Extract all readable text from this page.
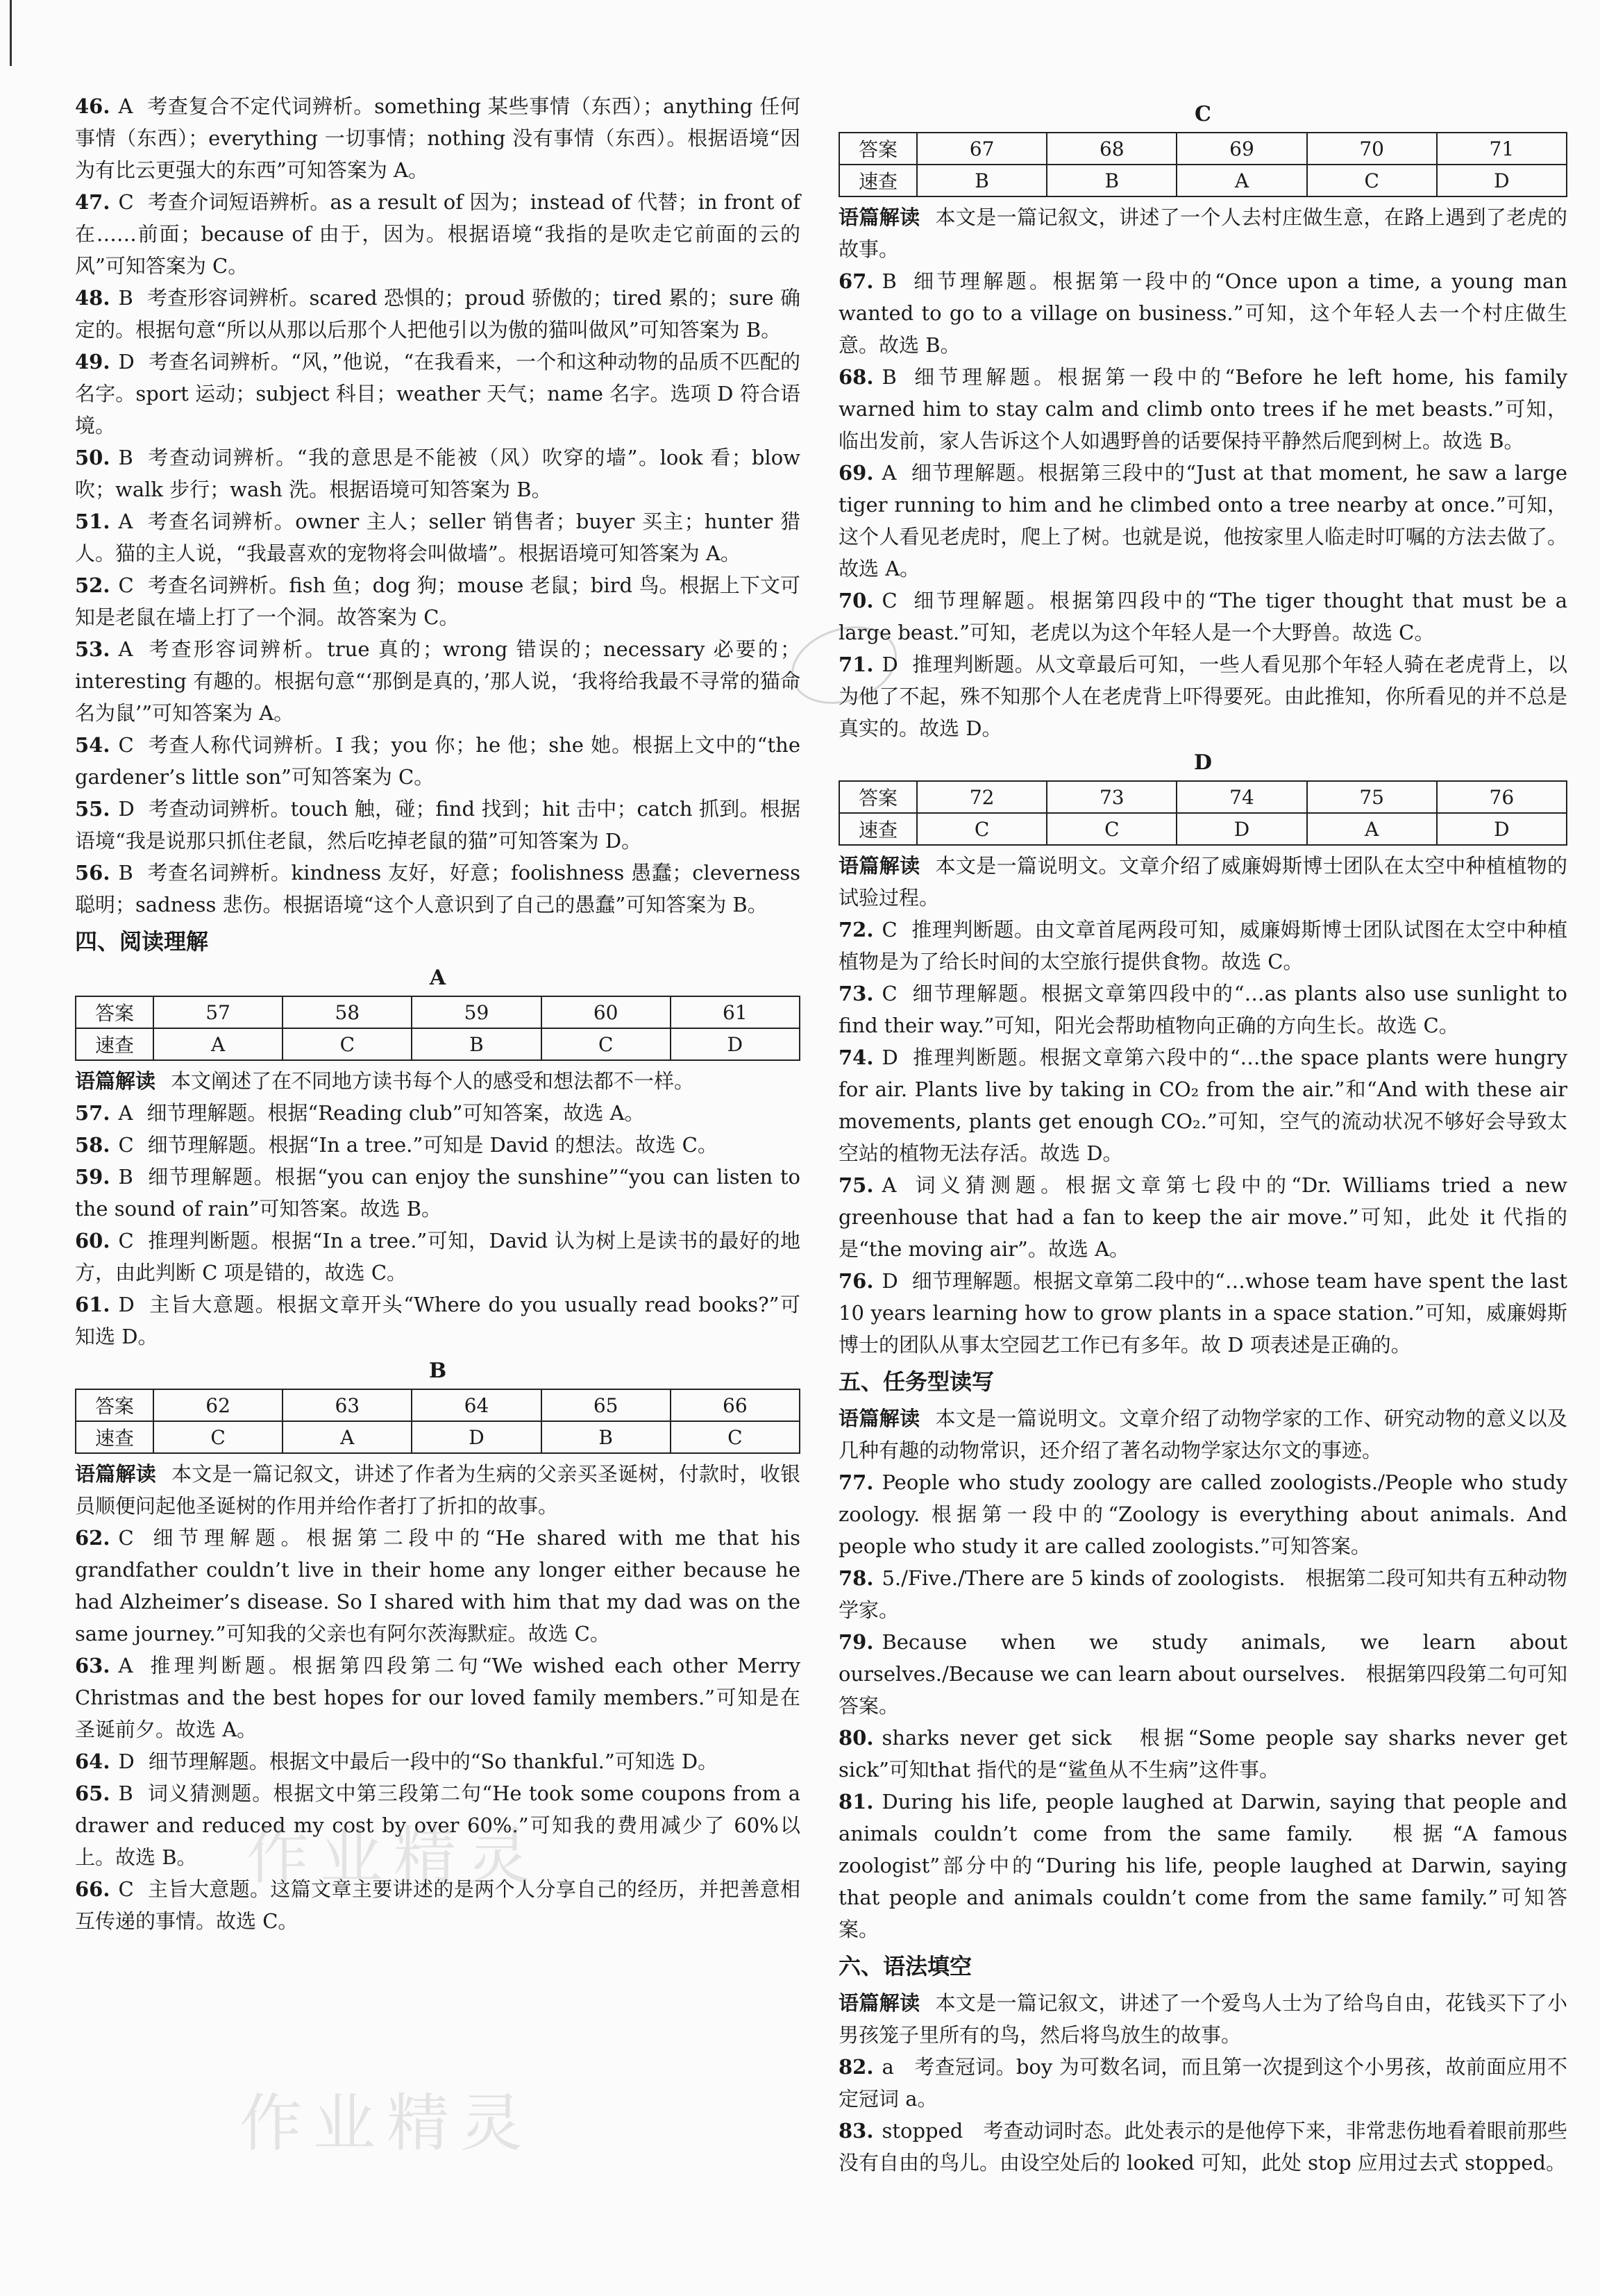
46. A 考查复合不定代词辨析。something 某些事情（东西）；anything 任何事情（东西）；everything 一切事情；nothing 没有事情（东西）。根据语境“因为有比云更强大的东西”可知答案为 A。

47. C 考查介词短语辨析。as a result of 因为；instead of 代替；in front of 在……前面；because of 由于，因为。根据语境“我指的是吹走它前面的云的风”可知答案为 C。

48. B 考查形容词辨析。scared 恐惧的；proud 骄傲的；tired 累的；sure 确定的。根据句意“所以从那以后那个人把他引以为傲的猫叫做风”可知答案为 B。

49. D 考查名词辨析。“风，”他说，“在我看来，一个和这种动物的品质不匹配的名字。sport 运动；subject 科目；weather 天气；name 名字。选项 D 符合语境。

50. B 考查动词辨析。“我的意思是不能被（风）吹穿的墙”。look 看；blow 吹；walk 步行；wash 洗。根据语境可知答案为 B。

51. A 考查名词辨析。owner 主人；seller 销售者；buyer 买主；hunter 猎人。猫的主人说，“我最喜欢的宠物将会叫做墙”。根据语境可知答案为 A。

52. C 考查名词辨析。fish 鱼；dog 狗；mouse 老鼠；bird 鸟。根据上下文可知是老鼠在墙上打了一个洞。故答案为 C。

53. A 考查形容词辨析。true 真的；wrong 错误的；necessary 必要的；interesting 有趣的。根据句意“‘那倒是真的，’那人说，‘我将给我最不寻常的猫命名为鼠’”可知答案为 A。

54. C 考查人称代词辨析。I 我；you 你；he 他；she 她。根据上文中的“the gardener’s little son”可知答案为 C。

55. D 考查动词辨析。touch 触，碰；find 找到；hit 击中；catch 抓到。根据语境“我是说那只抓住老鼠，然后吃掉老鼠的猫”可知答案为 D。

56. B 考查名词辨析。kindness 友好，好意；foolishness 愚蠢；cleverness 聪明；sadness 悲伤。根据语境“这个人意识到了自己的愚蠢”可知答案为 B。

四、阅读理解
A
答案	57	58	59	60	61
速查	A	C	B	C	D

语篇解读 本文阐述了在不同地方读书每个人的感受和想法都不一样。

57. A 细节理解题。根据“Reading club”可知答案，故选 A。

58. C 细节理解题。根据“In a tree.”可知是 David 的想法。故选 C。

59. B 细节理解题。根据“you can enjoy the sunshine”“you can listen to the sound of rain”可知答案。故选 B。

60. C 推理判断题。根据“In a tree.”可知，David 认为树上是读书的最好的地方，由此判断 C 项是错的，故选 C。

61. D 主旨大意题。根据文章开头“Where do you usually read books?”可知选 D。

B
答案	62	63	64	65	66
速查	C	A	D	B	C

语篇解读 本文是一篇记叙文，讲述了作者为生病的父亲买圣诞树，付款时，收银员顺便问起他圣诞树的作用并给作者打了折扣的故事。

62. C 细节理解题。根据第二段中的“He shared with me that his grandfather couldn’t live in their home any longer either because he had Alzheimer’s disease. So I shared with him that my dad was on the same journey.”可知我的父亲也有阿尔茨海默症。故选 C。

63. A 推理判断题。根据第四段第二句“We wished each other Merry Christmas and the best hopes for our loved family members.”可知是在圣诞前夕。故选 A。

64. D 细节理解题。根据文中最后一段中的“So thankful.”可知选 D。

65. B 词义猜测题。根据文中第三段第二句“He took some coupons from a drawer and reduced my cost by over 60%.”可知我的费用减少了 60%以上。故选 B。

66. C 主旨大意题。这篇文章主要讲述的是两个人分享自己的经历，并把善意相互传递的事情。故选 C。

C
答案	67	68	69	70	71
速查	B	B	A	C	D

语篇解读 本文是一篇记叙文，讲述了一个人去村庄做生意，在路上遇到了老虎的故事。

67. B 细节理解题。根据第一段中的“Once upon a time, a young man wanted to go to a village on business.”可知，这个年轻人去一个村庄做生意。故选 B。

68. B 细节理解题。根据第一段中的“Before he left home, his family warned him to stay calm and climb onto trees if he met beasts.”可知，临出发前，家人告诉这个人如遇野兽的话要保持平静然后爬到树上。故选 B。

69. A 细节理解题。根据第三段中的“Just at that moment, he saw a large tiger running to him and he climbed onto a tree nearby at once.”可知，这个人看见老虎时，爬上了树。也就是说，他按家里人临走时叮嘱的方法去做了。故选 A。

70. C 细节理解题。根据第四段中的“The tiger thought that must be a large beast.”可知，老虎以为这个年轻人是一个大野兽。故选 C。

71. D 推理判断题。从文章最后可知，一些人看见那个年轻人骑在老虎背上，以为他了不起，殊不知那个人在老虎背上吓得要死。由此推知，你所看见的并不总是真实的。故选 D。

D
答案	72	73	74	75	76
速查	C	C	D	A	D

语篇解读 本文是一篇说明文。文章介绍了威廉姆斯博士团队在太空中种植植物的试验过程。

72. C 推理判断题。由文章首尾两段可知，威廉姆斯博士团队试图在太空中种植植物是为了给长时间的太空旅行提供食物。故选 C。

73. C 细节理解题。根据文章第四段中的“…as plants also use sunlight to find their way.”可知，阳光会帮助植物向正确的方向生长。故选 C。

74. D 推理判断题。根据文章第六段中的“…the space plants were hungry for air. Plants live by taking in CO₂ from the air.”和“And with these air movements, plants get enough CO₂.”可知，空气的流动状况不够好会导致太空站的植物无法存活。故选 D。

75. A 词义猜测题。根据文章第七段中的“Dr. Williams tried a new greenhouse that had a fan to keep the air move.”可知，此处 it 代指的是“the moving air”。故选 A。

76. D 细节理解题。根据文章第二段中的“…whose team have spent the last 10 years learning how to grow plants in a space station.”可知，威廉姆斯博士的团队从事太空园艺工作已有多年。故 D 项表述是正确的。

五、任务型读写

语篇解读 本文是一篇说明文。文章介绍了动物学家的工作、研究动物的意义以及几种有趣的动物常识，还介绍了著名动物学家达尔文的事迹。

77. People who study zoology are called zoologists./People who study zoology. 根据第一段中的“Zoology is everything about animals. And people who study it are called zoologists.”可知答案。

78. 5./Five./There are 5 kinds of zoologists.　根据第二段可知共有五种动物学家。

79. Because when we study animals, we learn about ourselves./Because we can learn about ourselves.　根据第四段第二句可知答案。

80. sharks never get sick　根据“Some people say sharks never get sick”可知that 指代的是“鲨鱼从不生病”这件事。

81. During his life, people laughed at Darwin, saying that people and animals couldn’t come from the same family.　根据“A famous zoologist”部分中的“During his life, people laughed at Darwin, saying that people and animals couldn’t come from the same family.”可知答案。

六、语法填空

语篇解读 本文是一篇记叙文，讲述了一个爱鸟人士为了给鸟自由，花钱买下了小男孩笼子里所有的鸟，然后将鸟放生的故事。

82. a　考查冠词。boy 为可数名词，而且第一次提到这个小男孩，故前面应用不定冠词 a。

83. stopped　考查动词时态。此处表示的是他停下来，非常悲伤地看着眼前那些没有自由的鸟儿。由设空处后的 looked 可知，此处 stop 应用过去式 stopped。

作业精灵
作业精灵
